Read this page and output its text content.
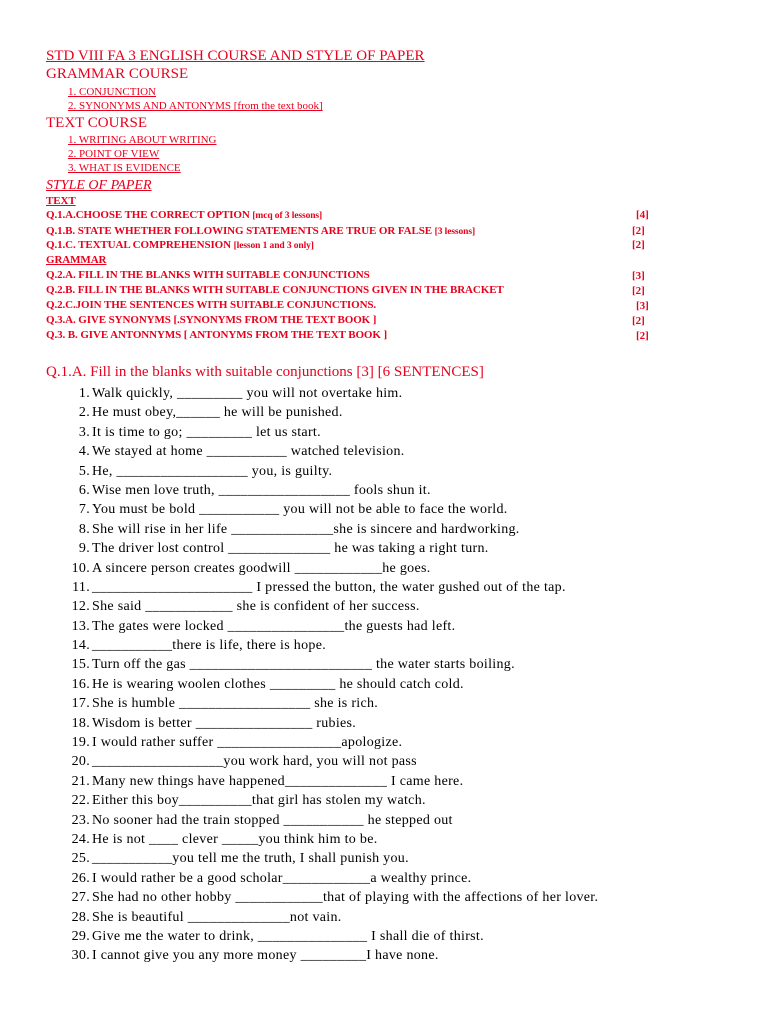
STD VIII FA 3 ENGLISH COURSE AND STYLE OF PAPER
GRAMMAR COURSE
1. CONJUNCTION
2. SYNONYMS AND ANTONYMS [from the text book]
TEXT COURSE
1. WRITING ABOUT WRITING
2. POINT OF VIEW
3. WHAT IS EVIDENCE
STYLE OF PAPER
TEXT
Q.1.A.CHOOSE THE CORRECT OPTION [mcq of 3 lessons]	[4]
Q.1.B. STATE WHETHER FOLLOWING STATEMENTS ARE TRUE OR FALSE [3 lessons]	[2]
Q.1.C. TEXTUAL COMPREHENSION [lesson 1 and 3 only]	[2]
GRAMMAR
Q.2.A. FILL IN THE BLANKS WITH SUITABLE CONJUNCTIONS	[3]
Q.2.B. FILL IN THE BLANKS WITH SUITABLE CONJUNCTIONS GIVEN IN THE BRACKET	[2]
Q.2.C.JOIN THE SENTENCES WITH SUITABLE CONJUNCTIONS.	[3]
Q.3.A. GIVE SYNONYMS [.SYNONYMS FROM THE TEXT BOOK ]	[2]
Q.3. B. GIVE ANTONNYMS [ ANTONYMS FROM THE TEXT BOOK ]	[2]
Q.1.A. Fill in the blanks with suitable conjunctions [3] [6 SENTENCES]
1. Walk quickly, _________ you will not overtake him.
2. He must obey,______ he will be punished.
3. It is time to go; _________ let us start.
4. We stayed at home ___________ watched television.
5. He, __________________ you, is guilty.
6. Wise men love truth, __________________ fools shun it.
7. You must be bold ___________ you will not be able to face the world.
8. She will rise in her life ______________she is sincere and hardworking.
9. The driver lost control ______________ he was taking a right turn.
10. A sincere person creates goodwill ____________he goes.
11. ______________________ I pressed the button, the water gushed out of the tap.
12. She said ____________ she is confident of her success.
13. The gates were locked ________________the guests had left.
14. ___________there is life, there is hope.
15. Turn off the gas _________________________ the water starts boiling.
16. He is wearing woolen clothes _________ he should catch cold.
17. She is humble __________________ she is rich.
18. Wisdom is better ________________ rubies.
19. I would rather suffer _________________apologize.
20. __________________you work hard, you will not pass
21. Many new things have happened______________ I came here.
22. Either this boy__________that girl has stolen my watch.
23. No sooner had the train stopped ___________ he stepped out
24. He is not ____ clever _____you think him to be.
25. ___________you tell me the truth, I shall punish you.
26. I would rather be a good scholar____________a wealthy prince.
27. She had no other hobby ____________that of playing with the affections of her lover.
28. She is beautiful ______________not vain.
29. Give me the water to drink, _______________ I shall die of thirst.
30. I cannot give you any more money _________I have none.
